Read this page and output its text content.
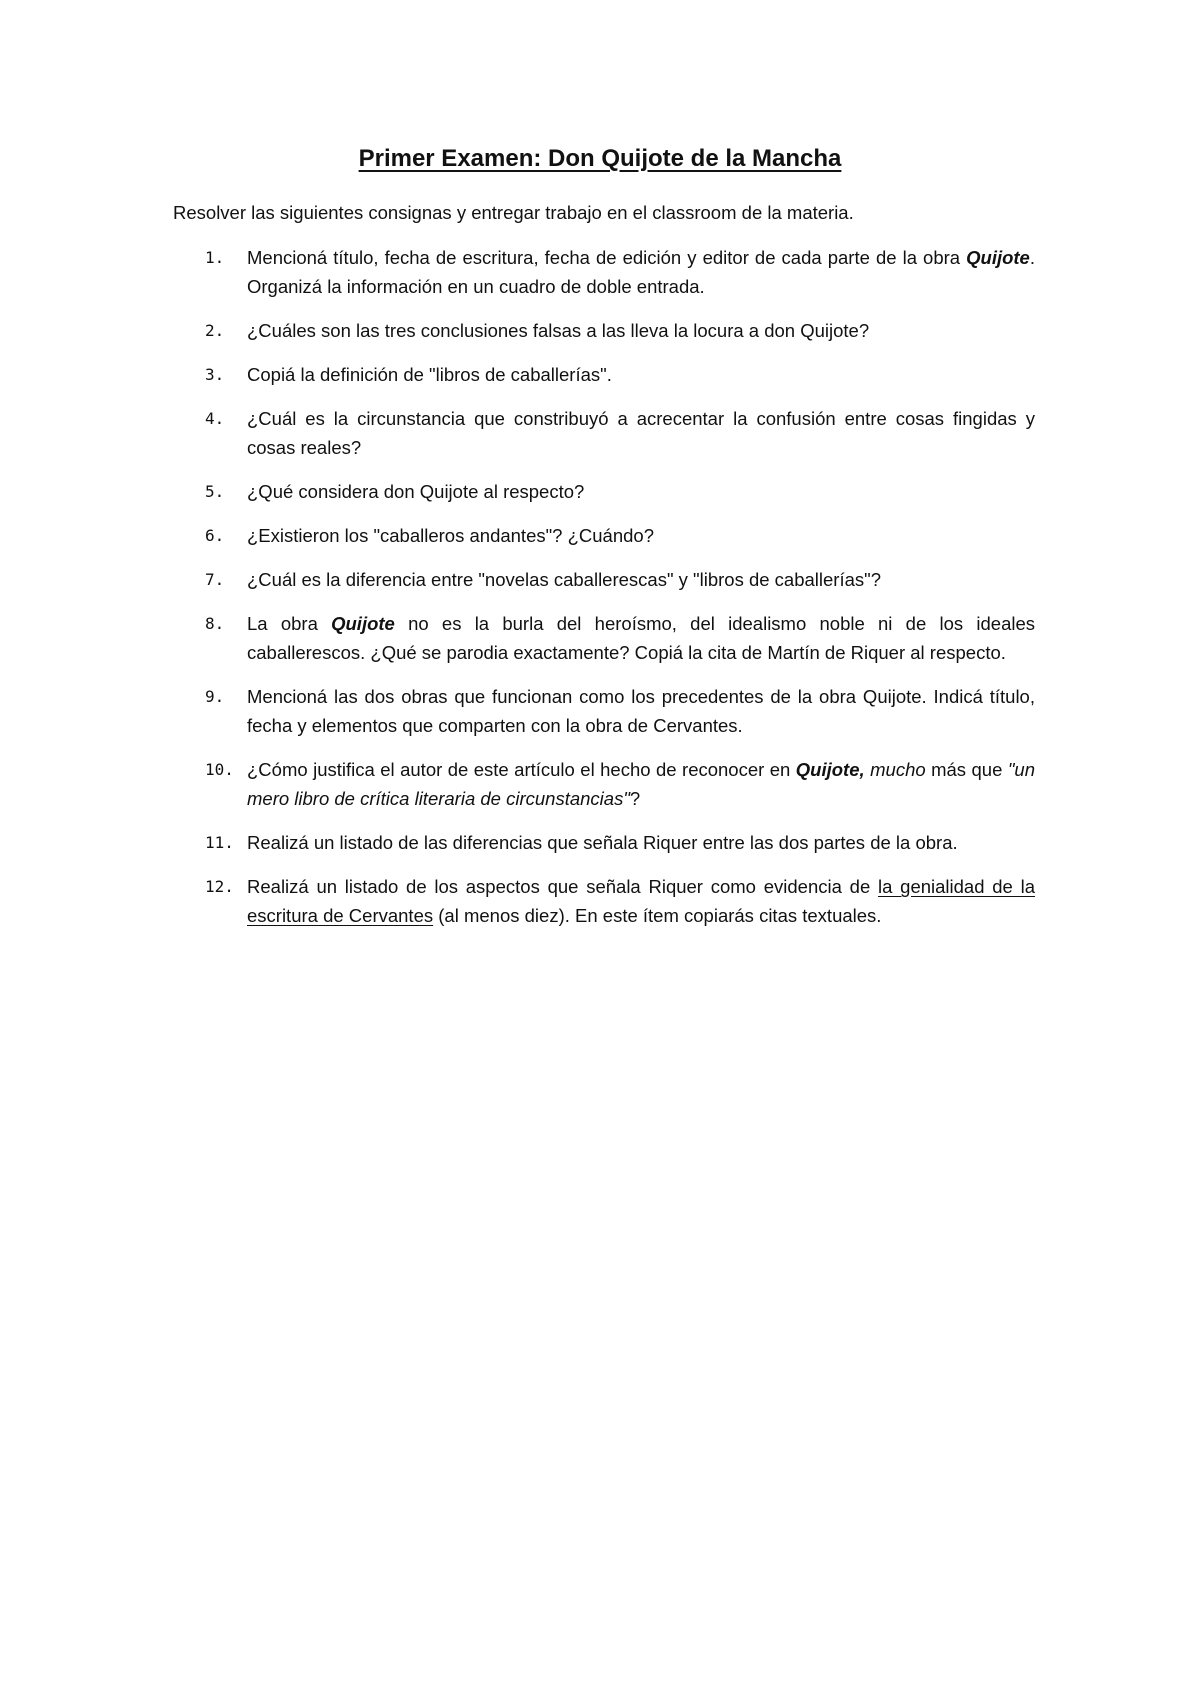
Primer Examen: Don Quijote de la Mancha

Resolver las siguientes consignas y entregar trabajo en el classroom de la materia.

1. Mencioná título, fecha de escritura, fecha de edición y editor de cada parte de la obra Quijote. Organizá la información en un cuadro de doble entrada.
2. ¿Cuáles son las tres conclusiones falsas a las lleva la locura a don Quijote?
3. Copiá la definición de "libros de caballerías".
4. ¿Cuál es la circunstancia que constribuyó a acrecentar la confusión entre cosas fingidas y cosas reales?
5. ¿Qué considera don Quijote al respecto?
6. ¿Existieron los "caballeros andantes"? ¿Cuándo?
7. ¿Cuál es la diferencia entre "novelas caballerescas" y "libros de caballerías"?
8. La obra Quijote no es la burla del heroísmo, del idealismo noble ni de los ideales caballerescos. ¿Qué se parodia exactamente? Copiá la cita de Martín de Riquer al respecto.
9. Mencioná las dos obras que funcionan como los precedentes de la obra Quijote. Indicá título, fecha y elementos que comparten con la obra de Cervantes.
10. ¿Cómo justifica el autor de este artículo el hecho de reconocer en Quijote, mucho más que "un mero libro de crítica literaria de circunstancias"?
11. Realizá un listado de las diferencias que señala Riquer entre las dos partes de la obra.
12. Realizá un listado de los aspectos que señala Riquer como evidencia de la genialidad de la escritura de Cervantes (al menos diez). En este ítem copiarás citas textuales.
